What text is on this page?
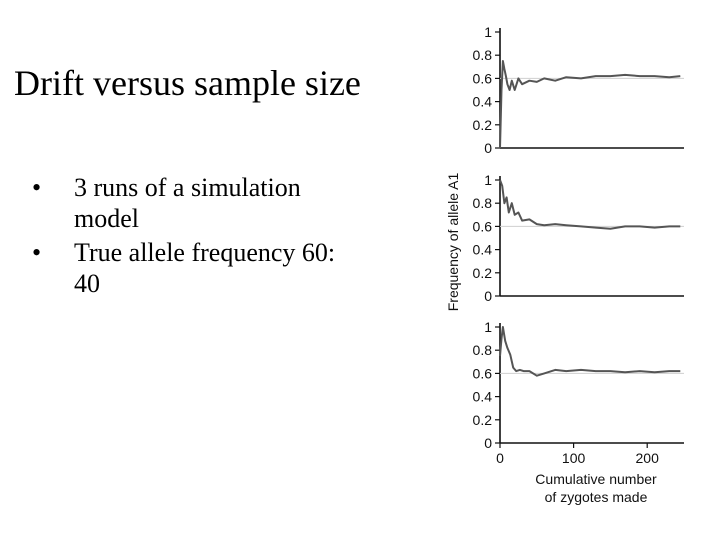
Drift versus sample size
•	3 runs of a simulation model
•	True allele frequency 60: 40
0
0.2
0.4
0.6
0.8
1
0
0.2
0.4
0.6
0.8
1
0
0.2
0.4
0.6
0.8
1
0	100	200
Cumulative number
of zygotes made
Frequency of allele A1
